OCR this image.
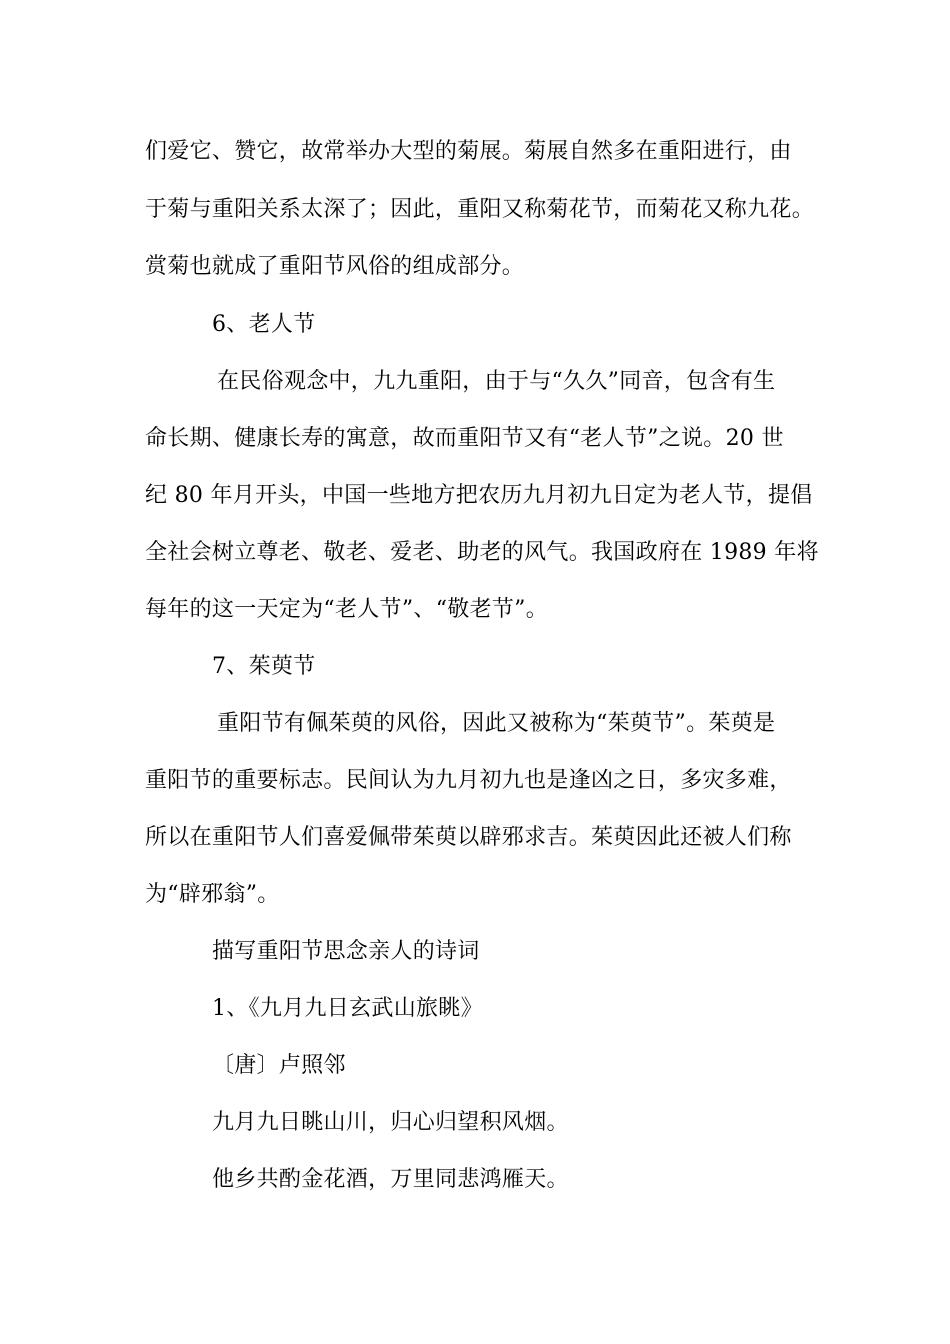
们爱它、赞它，故常举办大型的菊展。菊展自然多在重阳进行，由
于菊与重阳关系太深了；因此，重阳又称菊花节，而菊花又称九花。
赏菊也就成了重阳节风俗的组成部分。
6、老人节
在民俗观念中，九九重阳，由于与“久久”同音，包含有生
命长期、健康长寿的寓意，故而重阳节又有“老人节”之说。20 世
纪 80 年月开头，中国一些地方把农历九月初九日定为老人节，提倡
全社会树立尊老、敬老、爱老、助老的风气。我国政府在 1989 年将
每年的这一天定为“老人节”、“敬老节”。
7、茱萸节
重阳节有佩茱萸的风俗，因此又被称为“茱萸节”。茱萸是
重阳节的重要标志。民间认为九月初九也是逢凶之日，多灾多难，
所以在重阳节人们喜爱佩带茱萸以辟邪求吉。茱萸因此还被人们称
为“辟邪翁”。
描写重阳节思念亲人的诗词
1、《九月九日玄武山旅眺》
〔唐〕卢照邻
九月九日眺山川，归心归望积风烟。
他乡共酌金花酒，万里同悲鸿雁天。
